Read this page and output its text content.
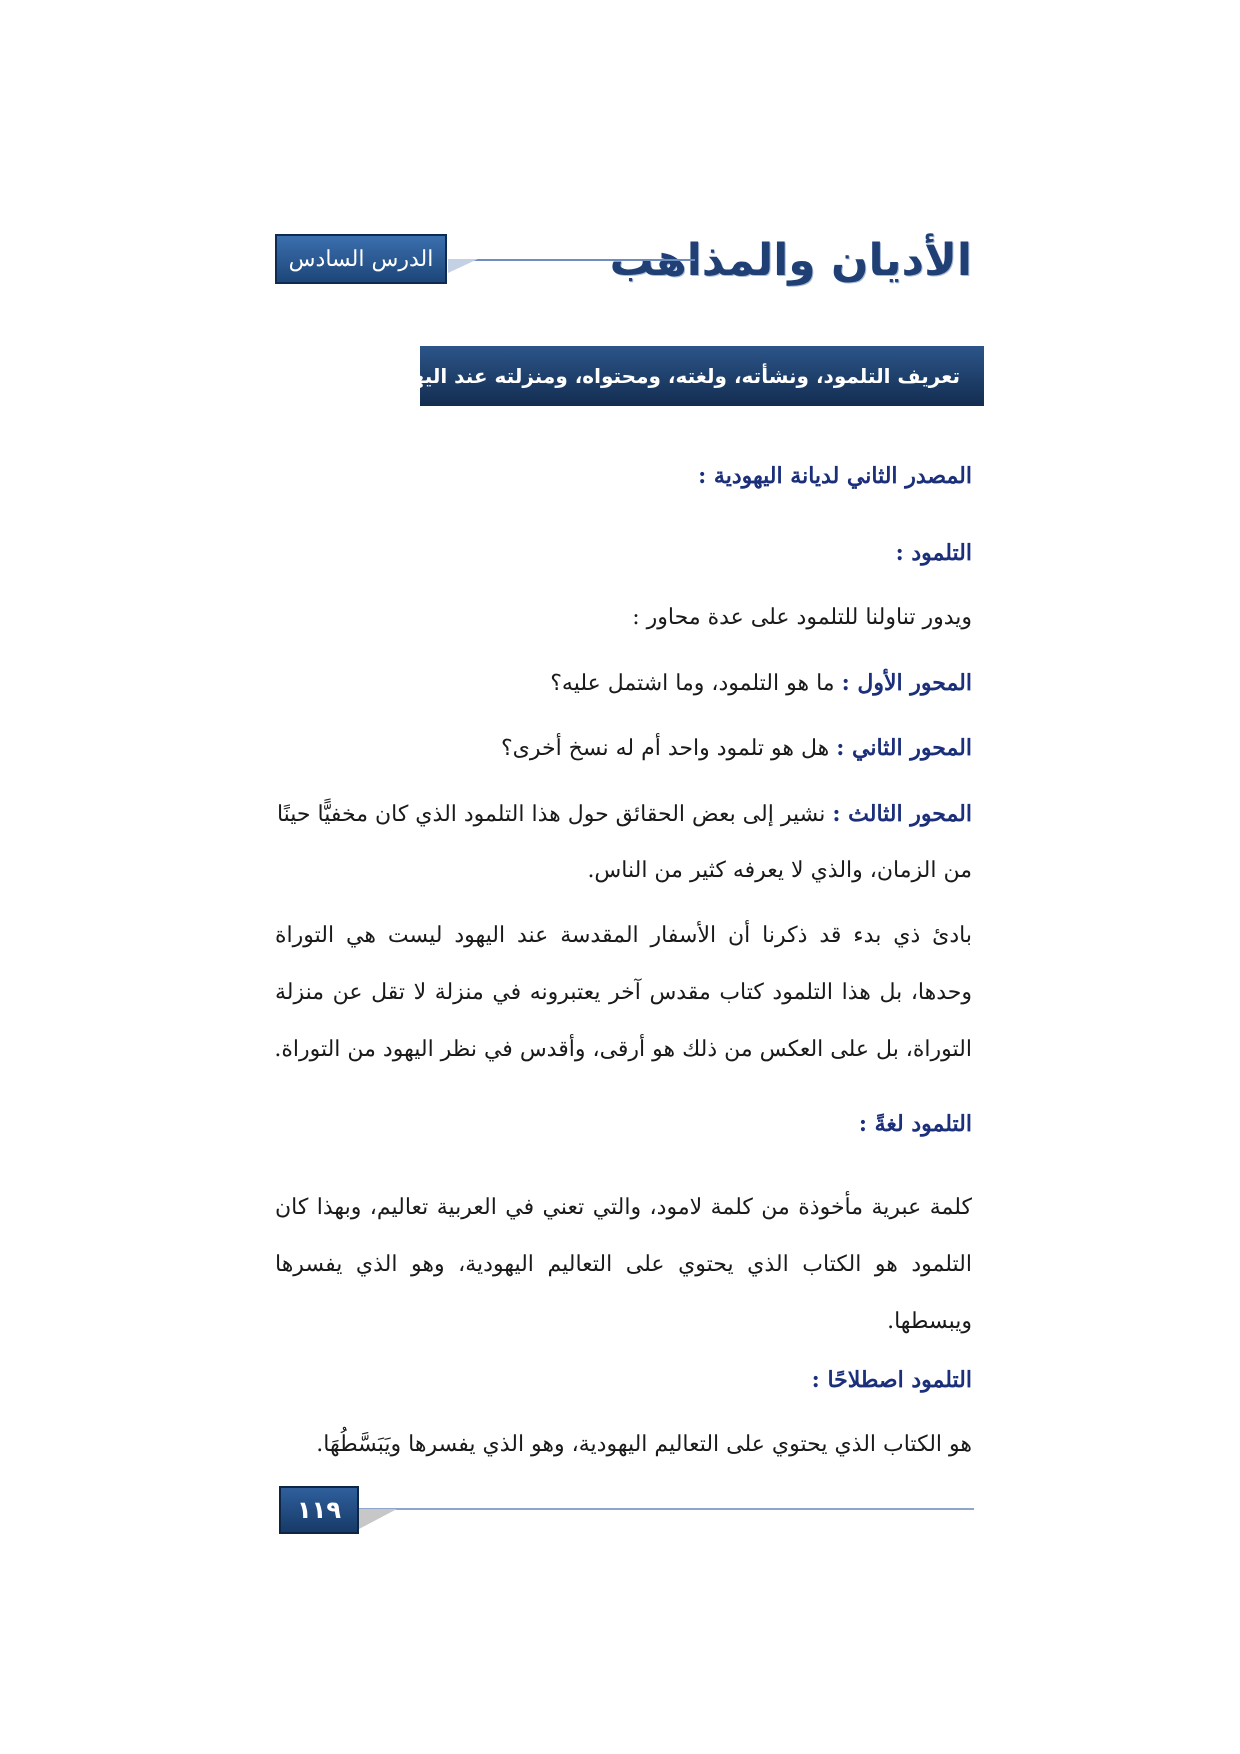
الأديان والمذاهب
الدرس السادس
تعريف التلمود، ونشأته، ولغته، ومحتواه، ومنزلته عند اليهود
المصدر الثاني لديانة اليهودية :
التلمود :
ويدور تناولنا للتلمود على عدة محاور :
المحور الأول : ما هو التلمود، وما اشتمل عليه؟
المحور الثاني : هل هو تلمود واحد أم له نسخ أخرى؟
المحور الثالث : نشير إلى بعض الحقائق حول هذا التلمود الذي كان مخفيًّا حينًا
من الزمان، والذي لا يعرفه كثير من الناس.
بادئ ذي بدء قد ذكرنا أن الأسفار المقدسة عند اليهود ليست هي التوراة
وحدها، بل هذا التلمود كتاب مقدس آخر يعتبرونه في منزلة لا تقل عن منزلة
التوراة، بل على العكس من ذلك هو أرقى، وأقدس في نظر اليهود من التوراة.
التلمود لغةً :
كلمة عبرية مأخوذة من كلمة لامود، والتي تعني في العربية تعاليم، وبهذا كان
التلمود هو الكتاب الذي يحتوي على التعاليم اليهودية، وهو الذي يفسرها
ويبسطها.
التلمود اصطلاحًا :
هو الكتاب الذي يحتوي على التعاليم اليهودية، وهو الذي يفسرها ويَبَسَّطُهَا.
١١٩
